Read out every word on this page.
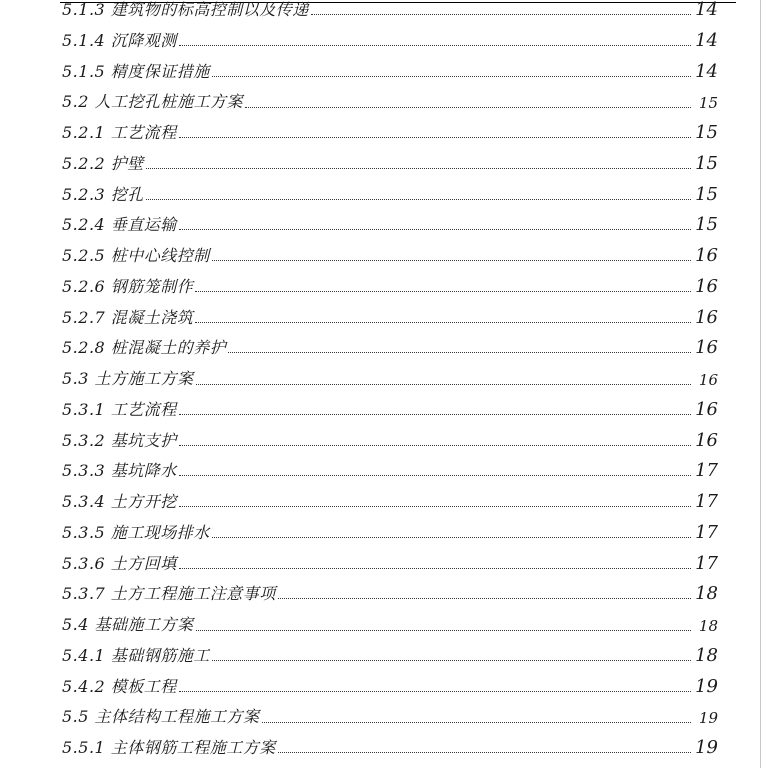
5.1.3 建筑物的标高控制以及传递	14
5.1.4 沉降观测	14
5.1.5 精度保证措施	14
5.2 人工挖孔桩施工方案	15
5.2.1 工艺流程	15
5.2.2 护壁	15
5.2.3 挖孔	15
5.2.4 垂直运输	15
5.2.5 桩中心线控制	16
5.2.6 钢筋笼制作	16
5.2.7 混凝土浇筑	16
5.2.8 桩混凝土的养护	16
5.3 土方施工方案	16
5.3.1 工艺流程	16
5.3.2 基坑支护	16
5.3.3 基坑降水	17
5.3.4 土方开挖	17
5.3.5 施工现场排水	17
5.3.6 土方回填	17
5.3.7 土方工程施工注意事项	18
5.4 基础施工方案	18
5.4.1 基础钢筋施工	18
5.4.2 模板工程	19
5.5 主体结构工程施工方案	19
5.5.1 主体钢筋工程施工方案	19
